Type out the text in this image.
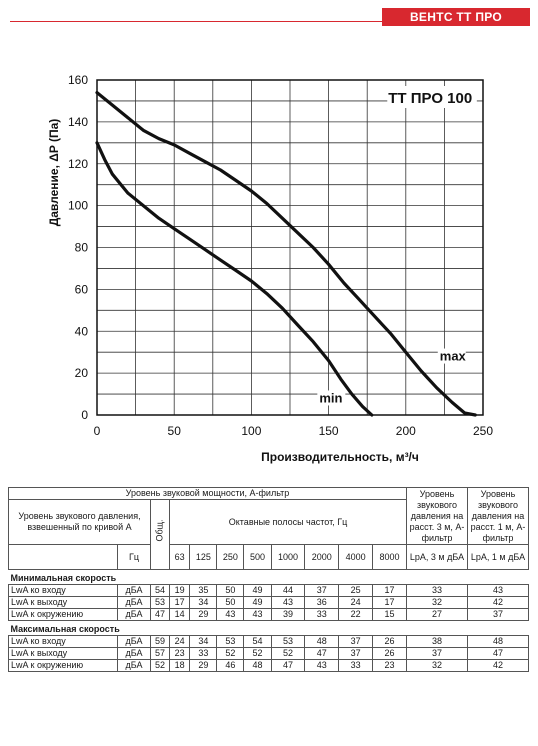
ВЕНТС ТТ ПРО
0	50	100	150	200	250
0
20
40
60
80
100
120
140
160
Производительность, м³/ч
Давление, ΔP (Па)
ТТ ПРО 100
max
min
Уровень звуковой мощности, А-фильтр											Уровень звукового давления на расст. 3 м, А-фильтр	Уровень звукового давления на расст. 1 м, А-фильтр
Уровень звукового давления, взвешенный по кривой А		Общ.	Октавные полосы частот, Гц									

	Гц		63	125	250	500	1000	2000	4000	8000	LpA, 3 м дБА	LpA, 1 м дБА
Минимальная скорость												
LwA ко входу	дБА	54	19	35	50	49	44	37	25	17	33	43
LwA к выходу	дБА	53	17	34	50	49	43	36	24	17	32	42
LwA к окружению	дБА	47	14	29	43	43	39	33	22	15	27	37
Максимальная скорость												
LwA ко входу	дБА	59	24	34	53	54	53	48	37	26	38	48
LwA к выходу	дБА	57	23	33	52	52	52	47	37	26	37	47
LwA к окружению	дБА	52	18	29	46	48	47	43	33	23	32	42
